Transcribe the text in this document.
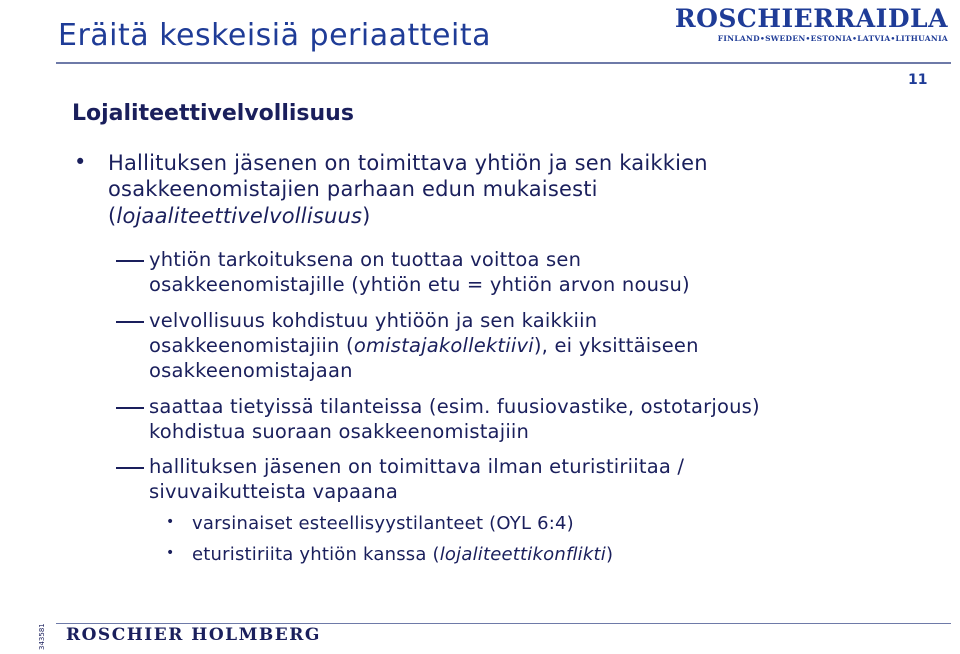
Eräitä keskeisiä periaatteita	ROSCHIERRAIDLA
FINLAND•SWEDEN•ESTONIA•LATVIA•LITHUANIA
11
Lojaliteettivelvollisuus
• Hallituksen jäsenen on toimittava yhtiön ja sen kaikkien
osakkeenomistajien parhaan edun mukaisesti
(lojaaliteettivelvollisuus)
yhtiön tarkoituksena on tuottaa voittoa sen
osakkeenomistajille (yhtiön etu = yhtiön arvon nousu)
velvollisuus kohdistuu yhtiöön ja sen kaikkiin
osakkeenomistajiin (omistajakollektiivi), ei yksittäiseen
osakkeenomistajaan
saattaa tietyissä tilanteissa (esim. fuusiovastike, ostotarjous)
kohdistua suoraan osakkeenomistajiin
hallituksen jäsenen on toimittava ilman eturistiriitaa /
sivuvaikutteista vapaana
• varsinaiset esteellisyystilanteet (OYL 6:4)
• eturistiriita yhtiön kanssa (lojaliteettikonflikti)
ROSCHIER HOLMBERG
343581
